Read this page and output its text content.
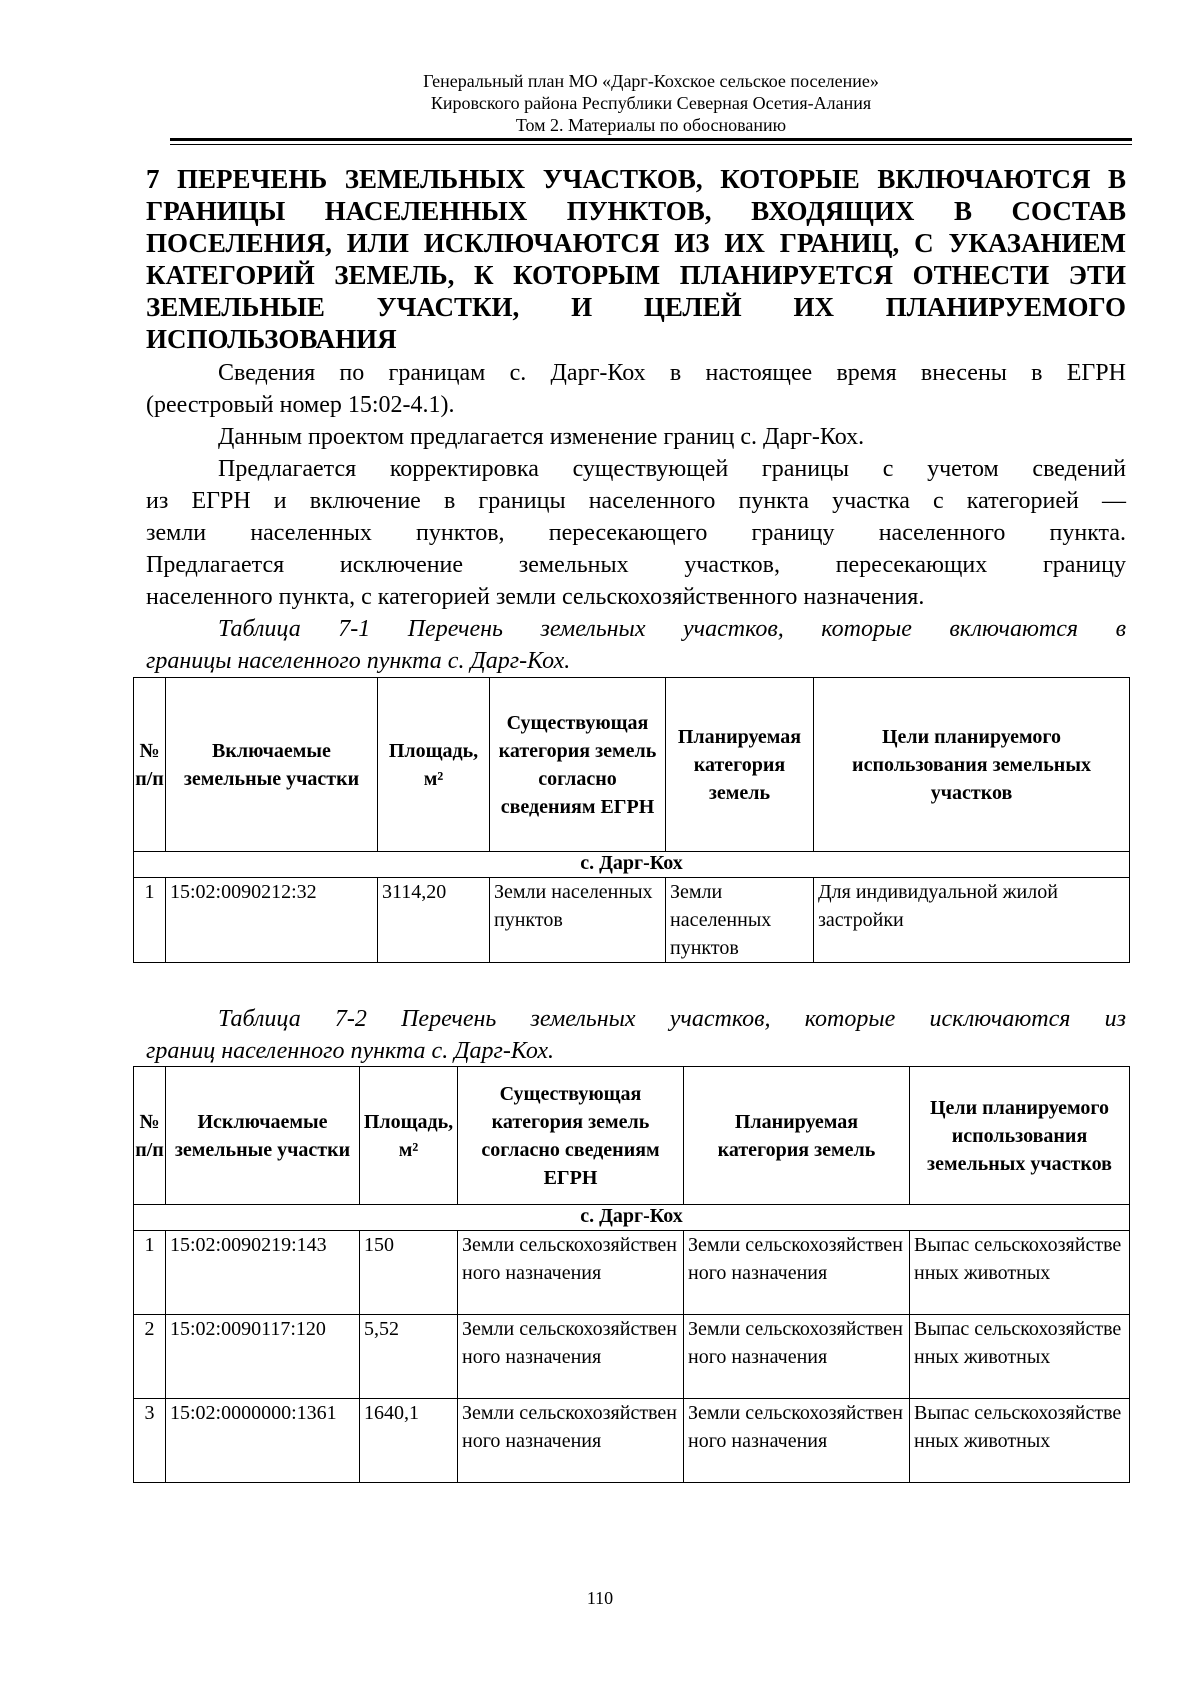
Генеральный план МО «Дарг-Кохское сельское поселение»
Кировского района Республики Северная Осетия-Алания
Том 2. Материалы по обоснованию
7 ПЕРЕЧЕНЬ ЗЕМЕЛЬНЫХ УЧАСТКОВ, КОТОРЫЕ ВКЛЮЧАЮТСЯ В
ГРАНИЦЫ НАСЕЛЕННЫХ ПУНКТОВ, ВХОДЯЩИХ В СОСТАВ
ПОСЕЛЕНИЯ, ИЛИ ИСКЛЮЧАЮТСЯ ИЗ ИХ ГРАНИЦ, С УКАЗАНИЕМ
КАТЕГОРИЙ ЗЕМЕЛЬ, К КОТОРЫМ ПЛАНИРУЕТСЯ ОТНЕСТИ ЭТИ
ЗЕМЕЛЬНЫЕ УЧАСТКИ, И ЦЕЛЕЙ ИХ ПЛАНИРУЕМОГО
ИСПОЛЬЗОВАНИЯ
Сведения по границам с. Дарг-Кох в настоящее время внесены в ЕГРН
(реестровый номер 15:02-4.1).
Данным проектом предлагается изменение границ с. Дарг-Кох.
Предлагается корректировка существующей границы с учетом сведений
из ЕГРН и включение в границы населенного пункта участка с категорией —
земли населенных пунктов, пересекающего границу населенного пункта.
Предлагается исключение земельных участков, пересекающих границу
населенного пункта, с категорией земли сельскохозяйственного назначения.
Таблица 7-1 Перечень земельных участков, которые включаются в
границы населенного пункта с. Дарг-Кох.
№ п/п	Включаемые земельные участки	Площадь, м²	Существующая категория земель согласно сведениям ЕГРН	Планируемая категория земель	Цели планируемого использования земельных участков
с. Дарг-Кох					
1	15:02:0090212:32	3114,20	Земли населенных пунктов	Земли населенных пунктов	Для индивидуальной жилой застройки
Таблица 7-2 Перечень земельных участков, которые исключаются из
границ населенного пункта с. Дарг-Кох.
№ п/п	Исключаемые земельные участки	Площадь, м²	Существующая категория земель согласно сведениям ЕГРН	Планируемая категория земель	Цели планируемого использования земельных участков
с. Дарг-Кох					
1	15:02:0090219:143	150	Земли сельскохозяйственного назначения	Земли сельскохозяйственного назначения	Выпас сельскохозяйственных животных
2	15:02:0090117:120	5,52	Земли сельскохозяйственного назначения	Земли сельскохозяйственного назначения	Выпас сельскохозяйственных животных
3	15:02:0000000:1361	1640,1	Земли сельскохозяйственного назначения	Земли сельскохозяйственного назначения	Выпас сельскохозяйственных животных
110
